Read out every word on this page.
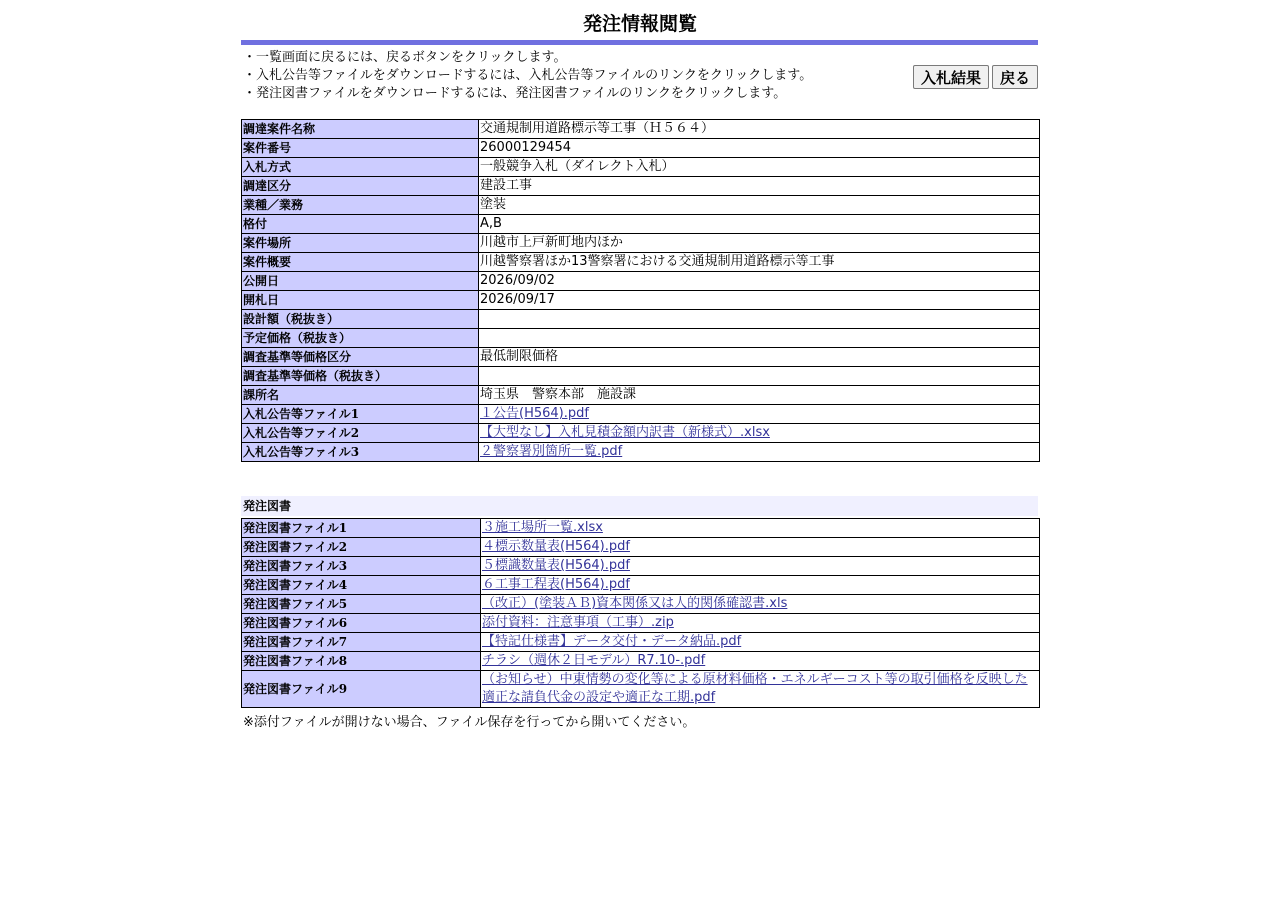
発注情報閲覧
・一覧画面に戻るには、戻るボタンをクリックします。
・入札公告等ファイルをダウンロードするには、入札公告等ファイルのリンクをクリックします。
・発注図書ファイルをダウンロードするには、発注図書ファイルのリンクをクリックします。
入札結果	戻る
調達案件名称	交通規制用道路標示等工事（Ｈ５６４）
案件番号	26000129454
入札方式	一般競争入札（ダイレクト入札）
調達区分	建設工事
業種／業務	塗装
格付	A,B
案件場所	川越市上戸新町地内ほか
案件概要	川越警察署ほか13警察署における交通規制用道路標示等工事
公開日	2026/09/02
開札日	2026/09/17
設計額（税抜き）	
予定価格（税抜き）	
調査基準等価格区分	最低制限価格
調査基準等価格（税抜き）	
課所名	埼玉県　警察本部　施設課
入札公告等ファイル1	１公告(H564).pdf
入札公告等ファイル2	【大型なし】入札見積金額内訳書（新様式）.xlsx
入札公告等ファイル3	２警察署別箇所一覧.pdf
発注図書
発注図書ファイル1	３施工場所一覧.xlsx
発注図書ファイル2	４標示数量表(H564).pdf
発注図書ファイル3	５標識数量表(H564).pdf
発注図書ファイル4	６工事工程表(H564).pdf
発注図書ファイル5	（改正）(塗装ＡＢ)資本関係又は人的関係確認書.xls
発注図書ファイル6	添付資料：注意事項（工事）.zip
発注図書ファイル7	【特記仕様書】データ交付・データ納品.pdf
発注図書ファイル8	チラシ（週休２日モデル）R7.10-.pdf
発注図書ファイル9	（お知らせ）中東情勢の変化等による原材料価格・エネルギーコスト等の取引価格を反映した適正な請負代金の設定や適正な工期.pdf
※添付ファイルが開けない場合、ファイル保存を行ってから開いてください。
